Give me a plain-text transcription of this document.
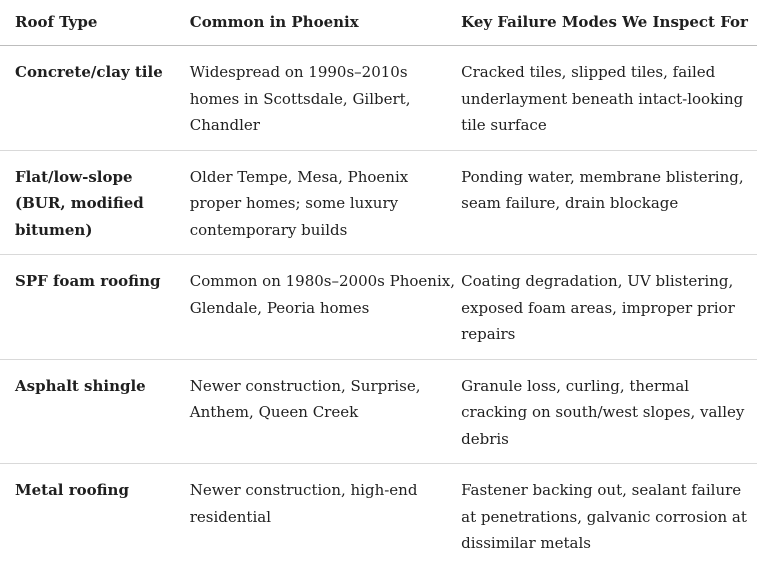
Roof Type	Common in Phoenix	Key Failure Modes We Inspect For

Concrete/clay tile	Widespread on 1990s–2010s homes in Scottsdale, Gilbert, Chandler	Cracked tiles, slipped tiles, failed underlayment beneath intact-looking tile surface

Flat/low-slope (BUR, modified bitumen)	Older Tempe, Mesa, Phoenix proper homes; some luxury contemporary builds	Ponding water, membrane blistering, seam failure, drain blockage

SPF foam roofing	Common on 1980s–2000s Phoenix, Glendale, Peoria homes	Coating degradation, UV blistering, exposed foam areas, improper prior repairs

Asphalt shingle	Newer construction, Surprise, Anthem, Queen Creek	Granule loss, curling, thermal cracking on south/west slopes, valley debris

Metal roofing	Newer construction, high-end residential	Fastener backing out, sealant failure at penetrations, galvanic corrosion at dissimilar metals
